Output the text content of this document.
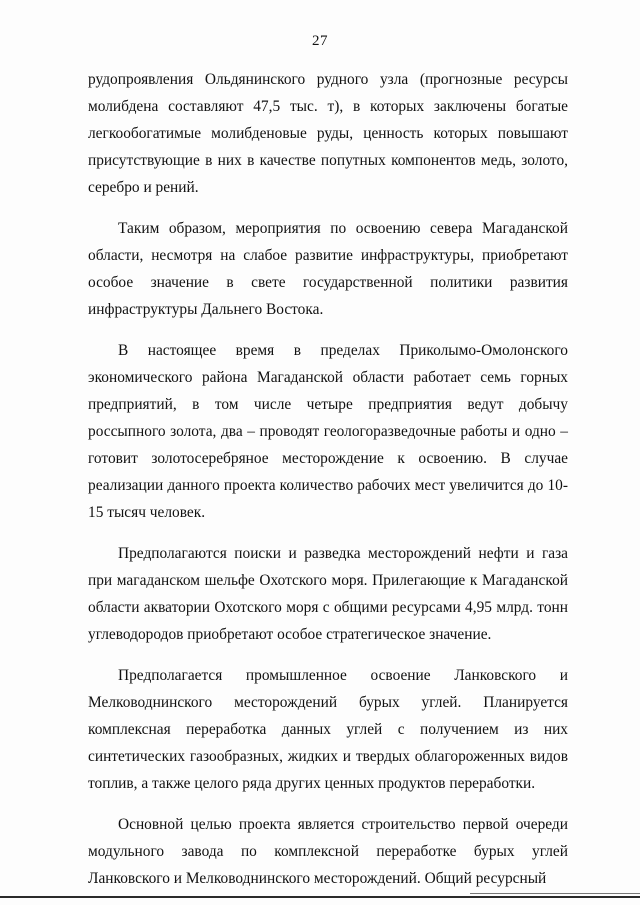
27

рудопроявления Ольдянинского рудного узла (прогнозные ресурсы молибдена составляют 47,5 тыс. т), в которых заключены богатые легкообогатимые молибденовые руды, ценность которых повышают присутствующие в них в качестве попутных компонентов медь, золото, серебро и рений.

Таким образом, мероприятия по освоению севера Магаданской области, несмотря на слабое развитие инфраструктуры, приобретают особое значение в свете государственной политики развития инфраструктуры Дальнего Востока.

В настоящее время в пределах Приколымо-Омолонского экономического района Магаданской области работает семь горных предприятий, в том числе четыре предприятия ведут добычу россыпного золота, два – проводят геологоразведочные работы и одно – готовит золотосеребряное месторождение к освоению. В случае реализации данного проекта количество рабочих мест увеличится до 10-15 тысяч человек.

Предполагаются поиски и разведка месторождений нефти и газа при магаданском шельфе Охотского моря. Прилегающие к Магаданской области акватории Охотского моря с общими ресурсами 4,95 млрд. тонн углеводородов приобретают особое стратегическое значение.

Предполагается промышленное освоение Ланковского и Мелководнинского месторождений бурых углей. Планируется комплексная переработка данных углей с получением из них синтетических газообразных, жидких и твердых облагороженных видов топлив, а также целого ряда других ценных продуктов переработки.

Основной целью проекта является строительство первой очереди модульного завода по комплексной переработке бурых углей Ланковского и Мелководнинского месторождений. Общий ресурсный
